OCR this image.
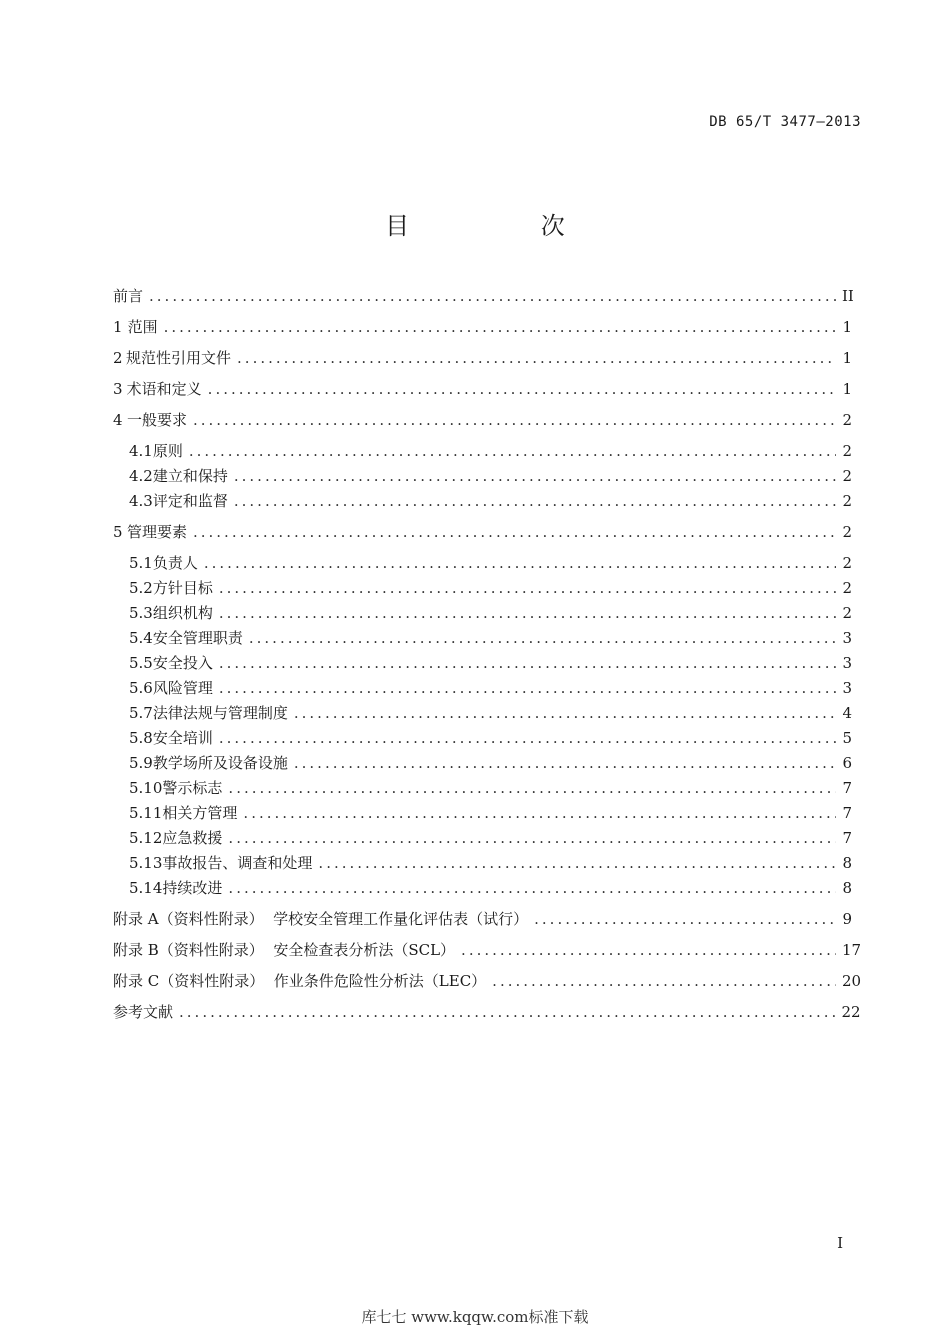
DB 65/T 3477—2013
目 次
前言 .....	II
1 范围 .....	1
2 规范性引用文件 .....	1
3 术语和定义 .....	1
4 一般要求 .....	2
4.1 原则 .....	2
4.2 建立和保持 .....	2
4.3 评定和监督 .....	2
5 管理要素 .....	2
5.1 负责人 .....	2
5.2 方针目标 .....	2
5.3 组织机构 .....	2
5.4 安全管理职责 .....	3
5.5 安全投入 .....	3
5.6 风险管理 .....	3
5.7 法律法规与管理制度 .....	4
5.8 安全培训 .....	5
5.9 教学场所及设备设施 .....	6
5.10 警示标志 .....	7
5.11 相关方管理 .....	7
5.12 应急救援 .....	7
5.13 事故报告、调查和处理 .....	8
5.14 持续改进 .....	8
附录 A（资料性附录）  学校安全管理工作量化评估表（试行） .....	9
附录 B（资料性附录）  安全检查表分析法（SCL） .....	17
附录 C（资料性附录）  作业条件危险性分析法（LEC） .....	20
参考文献 .....	22
I
库七七 www.kqqw.com标准下载
